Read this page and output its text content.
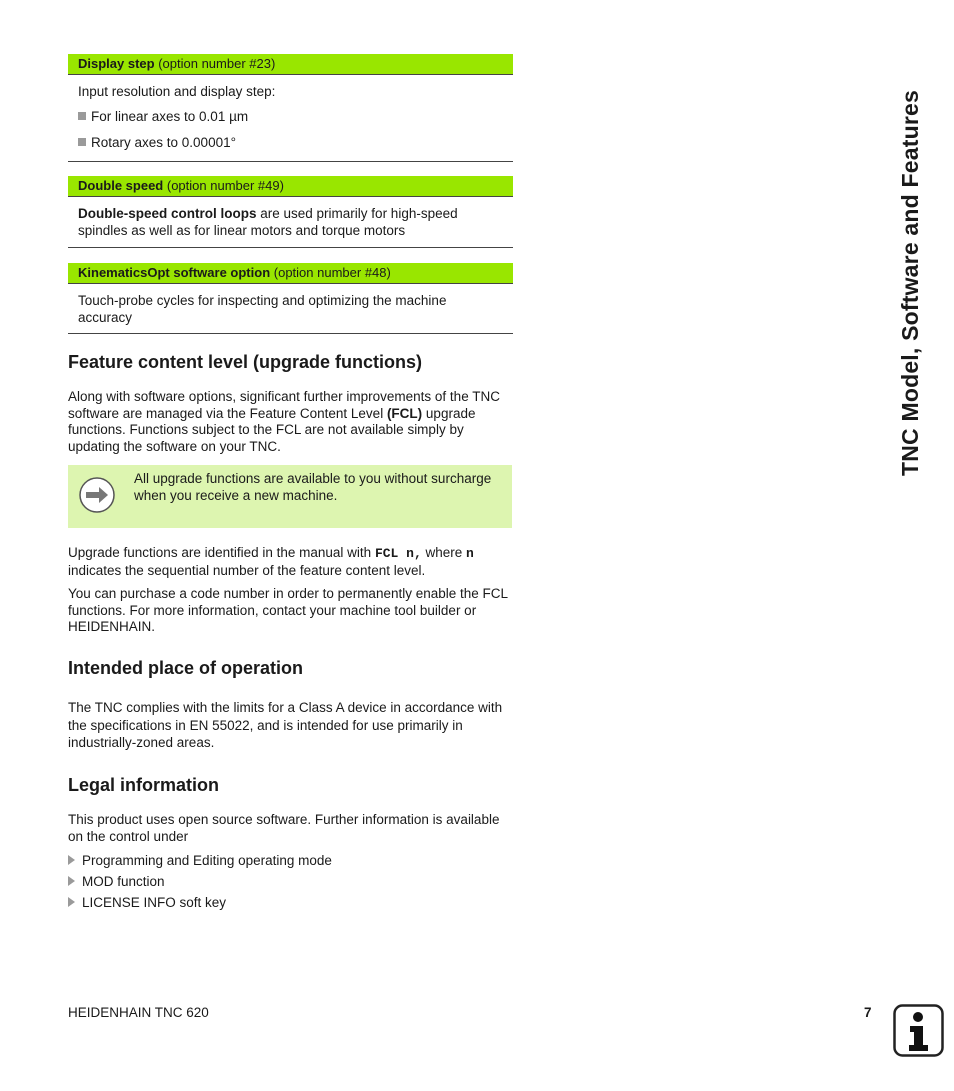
Display step (option number #23)

Input resolution and display step:

For linear axes to 0.01 µm

Rotary axes to 0.00001°

Double speed (option number #49)

Double-speed control loops are used primarily for high-speed spindles as well as for linear motors and torque motors

KinematicsOpt software option (option number #48)

Touch-probe cycles for inspecting and optimizing the machine accuracy

Feature content level (upgrade functions)

Along with software options, significant further improvements of the TNC software are managed via the Feature Content Level (FCL) upgrade functions. Functions subject to the FCL are not available simply by updating the software on your TNC.

All upgrade functions are available to you without surcharge when you receive a new machine.

Upgrade functions are identified in the manual with FCL n, where n indicates the sequential number of the feature content level.

You can purchase a code number in order to permanently enable the FCL functions. For more information, contact your machine tool builder or HEIDENHAIN.
Intended place of operation
The TNC complies with the limits for a Class A device in accordance with the specifications in EN 55022, and is intended for use primarily in industrially-zoned areas.
Legal information
This product uses open source software. Further information is available on the control under
Programming and Editing operating mode
MOD function
LICENSE INFO soft key
TNC Model, Software and Features
HEIDENHAIN TNC 620	7
